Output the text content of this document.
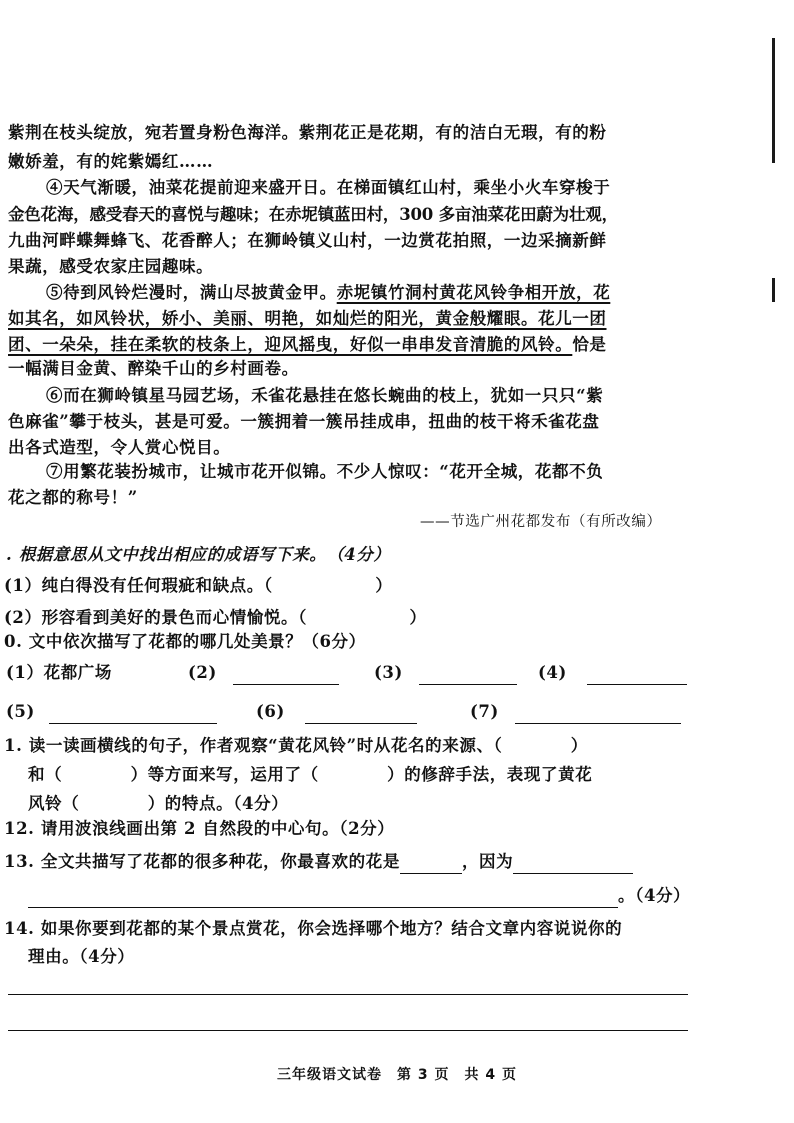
紫荆在枝头绽放，宛若置身粉色海洋。紫荆花正是花期，有的洁白无瑕，有的粉
嫩娇羞，有的姹紫嫣红……
④天气渐暖，油菜花提前迎来盛开日。在梯面镇红山村，乘坐小火车穿梭于
金色花海，感受春天的喜悦与趣味；在赤坭镇蓝田村，300 多亩油菜花田蔚为壮观，
九曲河畔蝶舞蜂飞、花香醉人；在狮岭镇义山村，一边赏花拍照，一边采摘新鲜
果蔬，感受农家庄园趣味。
⑤待到风铃烂漫时，满山尽披黄金甲。赤坭镇竹洞村黄花风铃争相开放，花
如其名，如风铃状，娇小、美丽、明艳，如灿烂的阳光，黄金般耀眼。花儿一团
团、一朵朵，挂在柔软的枝条上，迎风摇曳，好似一串串发音清脆的风铃。恰是
一幅满目金黄、醉染千山的乡村画卷。
⑥而在狮岭镇星马园艺场，禾雀花悬挂在悠长蜿曲的枝上，犹如一只只“紫
色麻雀”攀于枝头，甚是可爱。一簇拥着一簇吊挂成串，扭曲的枝干将禾雀花盘
出各式造型，令人赏心悦目。
⑦用繁花装扮城市，让城市花开似锦。不少人惊叹：“花开全城，花都不负
花之都的称号！”
——节选广州花都发布（有所改编）
. 根据意思从文中找出相应的成语写下来。　（4分）
(1）纯白得没有任何瑕疵和缺点。（　　　　　　）
(2）形容看到美好的景色而心情愉悦。（　　　　　　）
0. 文中依次描写了花都的哪几处美景？（6分）
(1）花都广场	(2)	(3)	(4)
(5)	(6)	(7)
1. 读一读画横线的句子，作者观察“黄花风铃”时从花名的来源、（　　　　）
和（　　　　）等方面来写，运用了（　　　　）的修辞手法，表现了黄花
风铃（　　　　）的特点。（4分）
12. 请用波浪线画出第 2 自然段的中心句。（2分）
13. 全文共描写了花都的很多种花，你最喜欢的花是	，因为
。（4分）
14. 如果你要到花都的某个景点赏花，你会选择哪个地方？结合文章内容说说你的
理由。（4分）
三年级语文试卷　第 3 页　共 4 页
